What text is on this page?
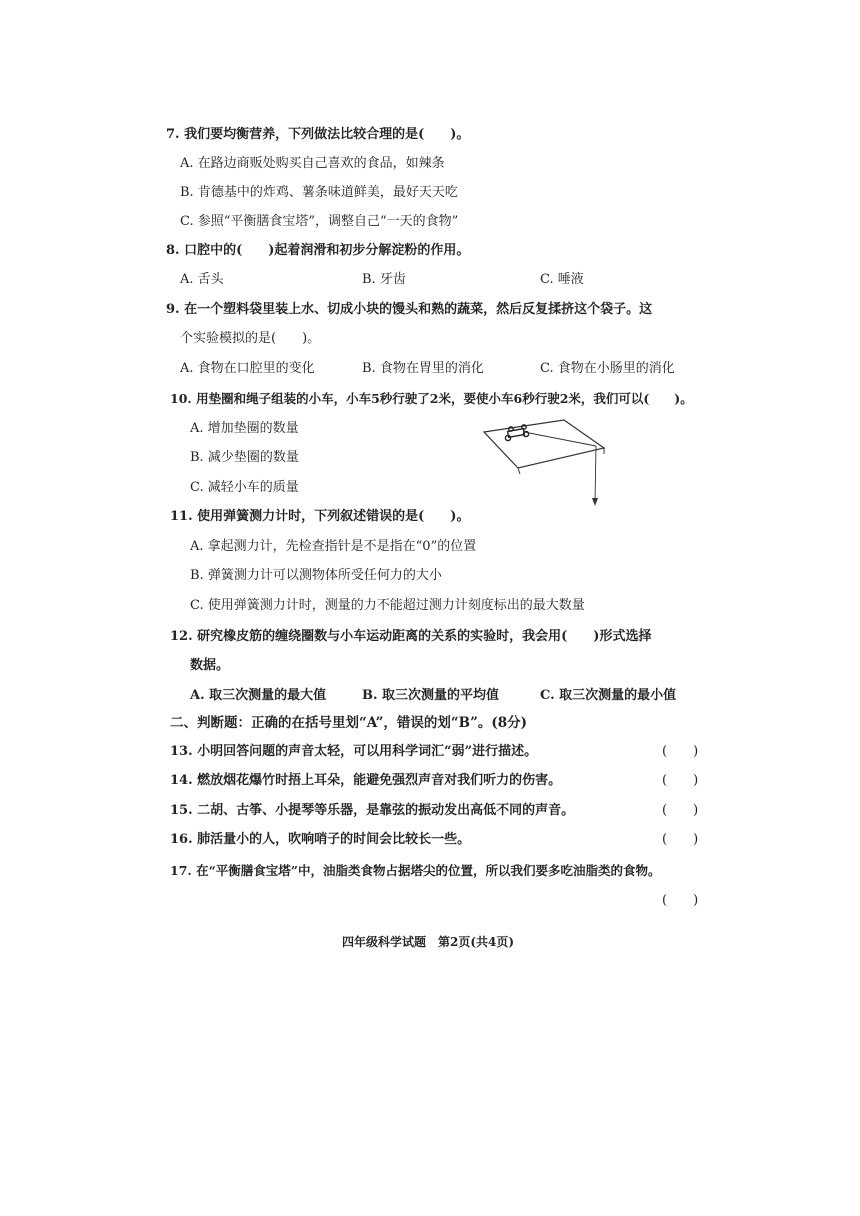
7. 我们要均衡营养，下列做法比较合理的是(　　)。
A. 在路边商贩处购买自己喜欢的食品，如辣条
B. 肯德基中的炸鸡、薯条味道鲜美，最好天天吃
C. 参照“平衡膳食宝塔”，调整自己“一天的食物”
8. 口腔中的(　　)起着润滑和初步分解淀粉的作用。
A. 舌头	B. 牙齿	C. 唾液
9. 在一个塑料袋里装上水、切成小块的馒头和熟的蔬菜，然后反复揉挤这个袋子。这
个实验模拟的是(　　)。
A. 食物在口腔里的变化	B. 食物在胃里的消化	C. 食物在小肠里的消化
10. 用垫圈和绳子组装的小车，小车5秒行驶了2米，要使小车6秒行驶2米，我们可以(　　)。
A. 增加垫圈的数量
B. 减少垫圈的数量
C. 减轻小车的质量
11. 使用弹簧测力计时，下列叙述错误的是(　　)。
A. 拿起测力计，先检查指针是不是指在“0”的位置
B. 弹簧测力计可以测物体所受任何力的大小
C. 使用弹簧测力计时，测量的力不能超过测力计刻度标出的最大数量
12. 研究橡皮筋的缠绕圈数与小车运动距离的关系的实验时，我会用(　　)形式选择
数据。
A. 取三次测量的最大值	B. 取三次测量的平均值	C. 取三次测量的最小值
二、判断题：正确的在括号里划“A”，错误的划“B”。(8分)
13. 小明回答问题的声音太轻，可以用科学词汇“弱”进行描述。	(　　)
14. 燃放烟花爆竹时捂上耳朵，能避免强烈声音对我们听力的伤害。	(　　)
15. 二胡、古筝、小提琴等乐器，是靠弦的振动发出高低不同的声音。	(　　)
16. 肺活量小的人，吹响哨子的时间会比较长一些。	(　　)
17. 在“平衡膳食宝塔”中，油脂类食物占据塔尖的位置，所以我们要多吃油脂类的食物。
(　　)
四年级科学试题　第2页(共4页)
